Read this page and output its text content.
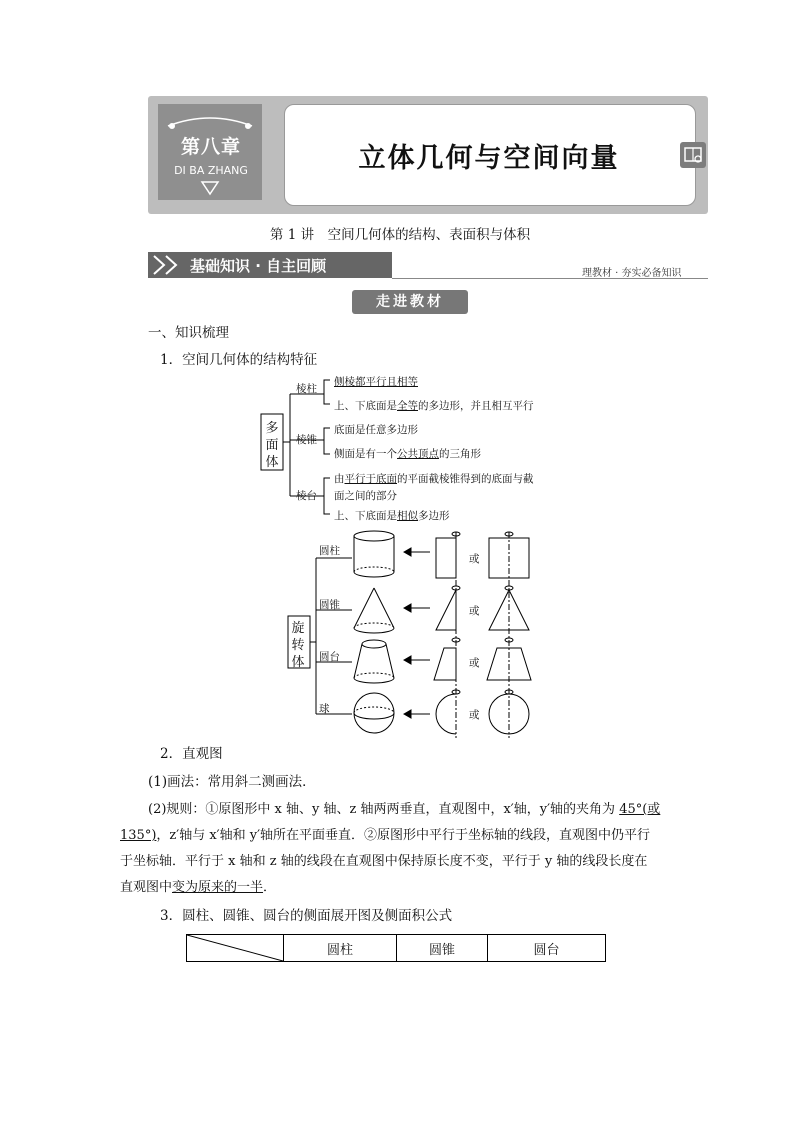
第八章
DI BA ZHANG	立体几何与空间向量
第 1 讲　空间几何体的结构、表面积与体积
基础知识 · 自主回顾	理教材 · 夯实必备知识
走进教材
一、知识梳理
1．空间几何体的结构特征
多面体
棱柱
侧棱都平行且相等
上、下底面是全等的多边形，并且相互平行
棱锥
底面是任意多边形
侧面是有一个公共顶点的三角形
棱台
由平行于底面的平面截棱锥得到的底面与截
面之间的部分
上、下底面是相似多边形
旋转体
圆柱
圆锥
圆台
球
或
或
或
或
2．直观图
(1)画法：常用斜二测画法．
(2)规则：①原图形中 x 轴、y 轴、z 轴两两垂直，直观图中，x′轴，y′轴的夹角为 45°(或
135°)，z′轴与 x′轴和 y′轴所在平面垂直．②原图形中平行于坐标轴的线段，直观图中仍平行
于坐标轴．平行于 x 轴和 z 轴的线段在直观图中保持原长度不变，平行于 y 轴的线段长度在
直观图中变为原来的一半．
3．圆柱、圆锥、圆台的侧面展开图及侧面积公式
	圆柱	圆锥	圆台
